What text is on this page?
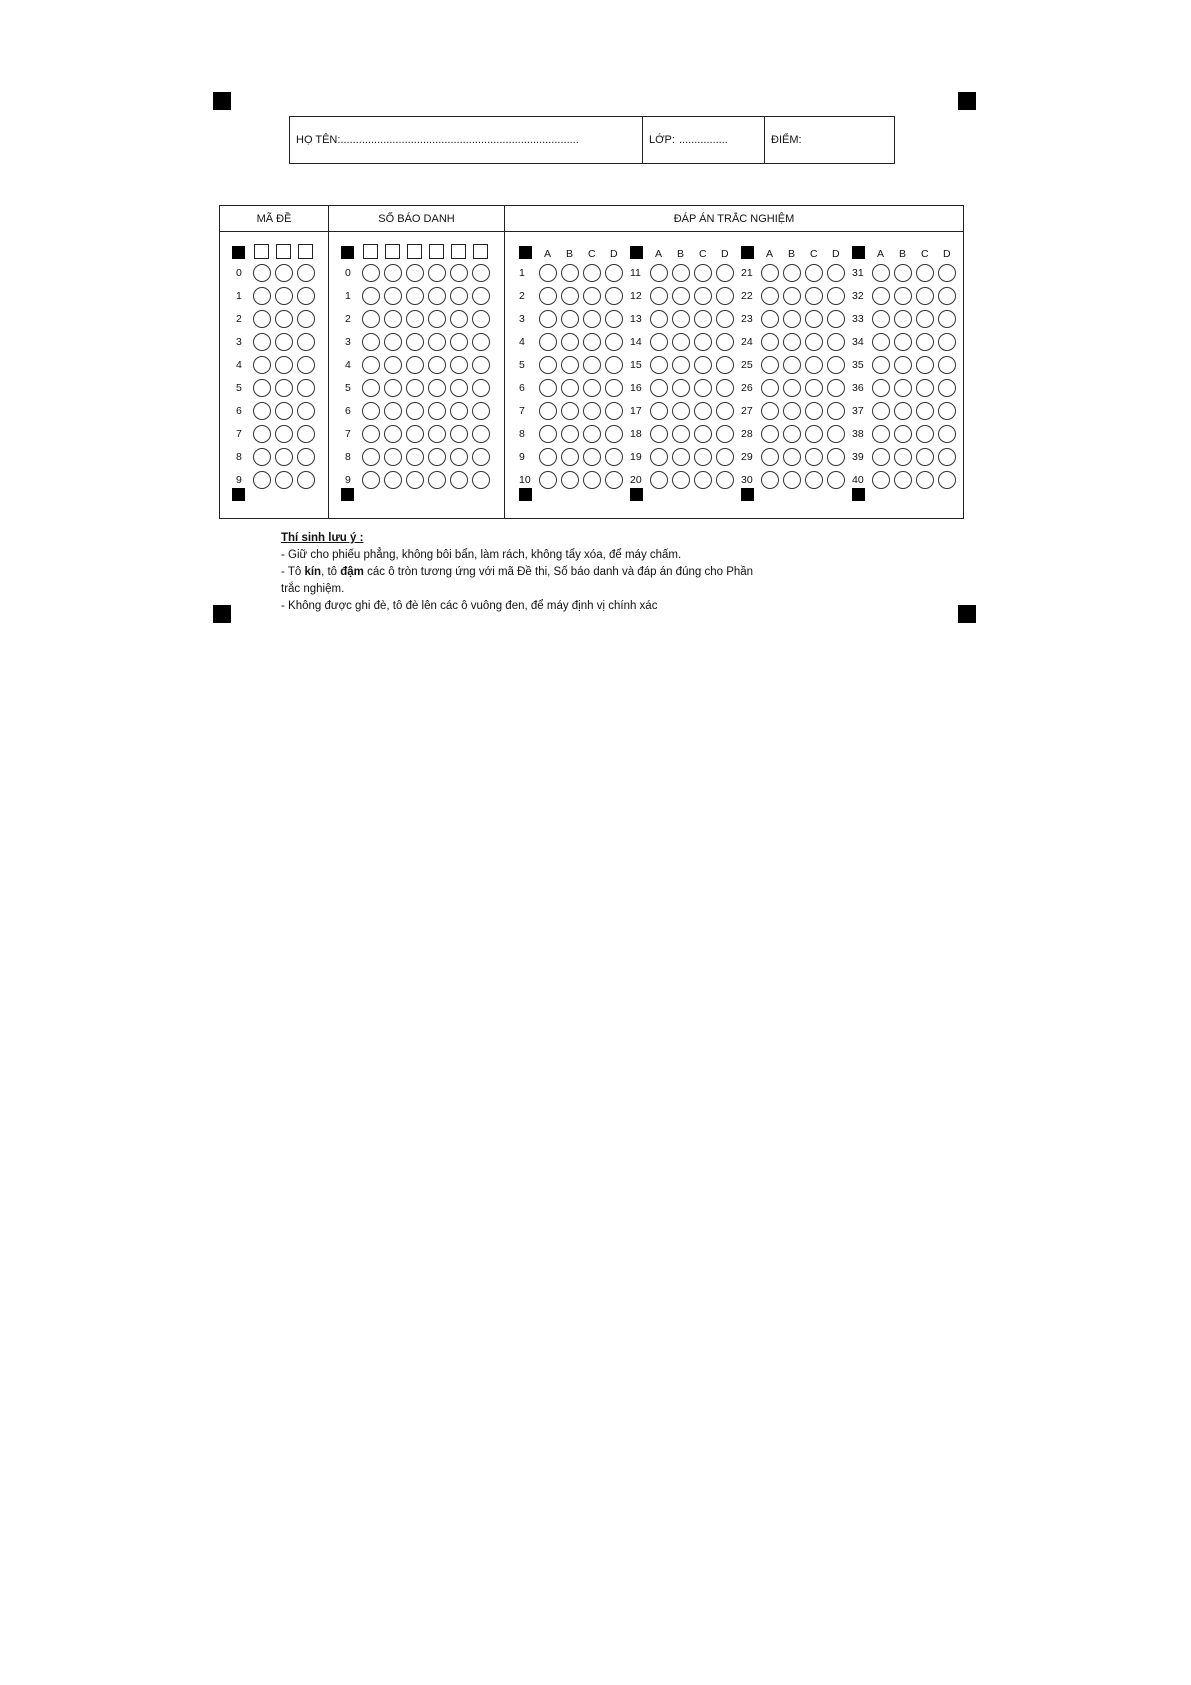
HỌ TÊN: ..............................................................................	LỚP: ................	ĐIỂM:
MÃ ĐỀ
0
1
2
3
4
5
6
7
8
9
SỐ BÁO DANH
0
1
2
3
4
5
6
7
8
9
ĐÁP ÁN TRẮC NGHIỆM
A B C D
1
2
3
4
5
6
7
8
9
10
A B C D
11
12
13
14
15
16
17
18
19
20
A B C D
21
22
23
24
25
26
27
28
29
30
A B C D
31
32
33
34
35
36
37
38
39
40
Thí sinh lưu ý :
- Giữ cho phiếu phẳng, không bôi bẩn, làm rách, không tẩy xóa, để máy chấm.
- Tô kín, tô đậm các ô tròn tương ứng với mã Đề thi, Số báo danh và đáp án đúng cho Phần
trắc nghiệm.
- Không được ghi đè, tô đè lên các ô vuông đen, để máy định vị chính xác
